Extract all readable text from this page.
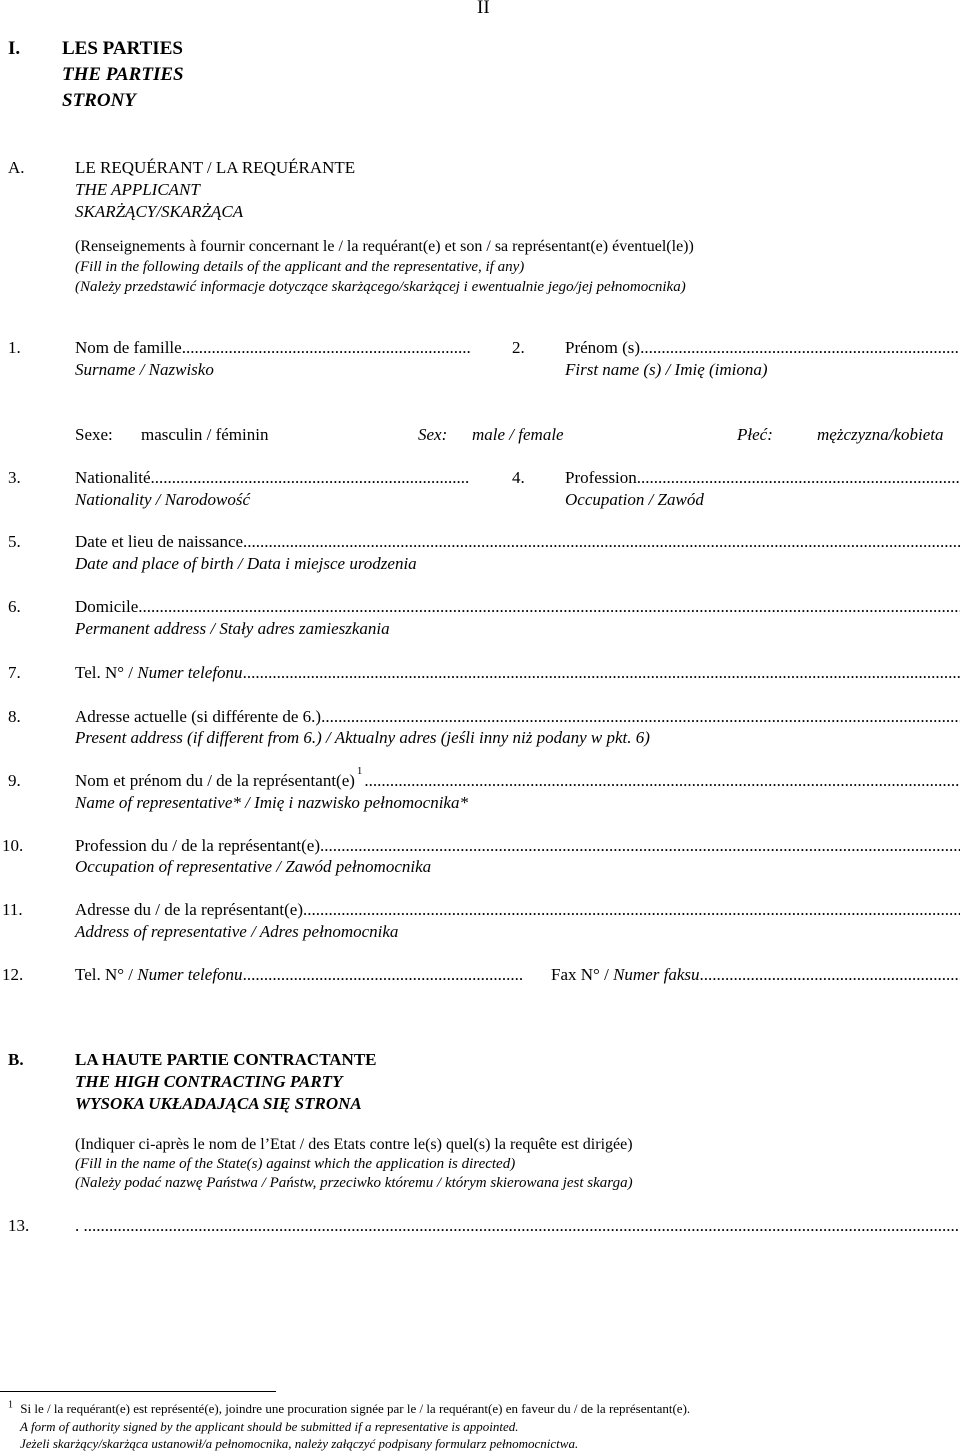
II
I. LES PARTIES
THE PARTIES
STRONY
A.	LE REQUÉRANT / LA REQUÉRANTE
THE APPLICANT
SKARŻĄCY/SKARŻĄCA
(Renseignements à fournir concernant le / la requérant(e) et son / sa représentant(e) éventuel(le))
(Fill in the following details of the applicant and the representative, if any)
(Należy przedstawić informacje dotyczące skarżącego/skarżącej i ewentualnie jego/jej pełnomocnika)
1.	Nom de famille
.....
Surname / Nazwisko
2. Prénom (s)
.....
First name (s) / Imię (imiona)
Sexe: masculin / féminin	Sex: male / female	Płeć:	mężczyzna/kobieta
3.	Nationalité
.....
Nationality / Narodowość
4. Profession
.....
Occupation / Zawód
5.	Date et lieu de naissance
.....
Date and place of birth / Data i miejsce urodzenia
6.	Domicile
.....
Permanent address / Stały adres zamieszkania
7.	Tel. N° / Numer telefonu
.....
8.	Adresse actuelle (si différente de 6.)
.....
Present address (if different from 6.) / Aktualny adres (jeśli inny niż podany w pkt. 6)
9.	Nom et prénom du / de la représentant(e) 1
.....
Name of representative* / Imię i nazwisko pełnomocnika*
10.	Profession du / de la représentant(e)
.....
Occupation of representative / Zawód pełnomocnika
11.	Adresse du / de la représentant(e)
.....
Address of representative / Adres pełnomocnika
12.	Tel. N° / Numer telefonu
.....	Fax N° / Numer faksu
.....
B.	LA HAUTE PARTIE CONTRACTANTE
THE HIGH CONTRACTING PARTY
WYSOKA UKŁADAJĄCA SIĘ STRONA
(Indiquer ci-après le nom de l’Etat / des Etats contre le(s) quel(s) la requête est dirigée)
(Fill in the name of the State(s) against which the application is directed)
(Należy podać nazwę Państwa / Państw, przeciwko któremu / którym skierowana jest skarga)
13.	.
.....
$^1$ Si le / la requérant(e) est représenté(e), joindre une procuration signée par le / la requérant(e) en faveur du / de la représentant(e).
A form of authority signed by the applicant should be submitted if a representative is appointed.
Jeżeli skarżący/skarżąca ustanowił/a pełnomocnika, należy załączyć podpisany formularz pełnomocnictwa.
